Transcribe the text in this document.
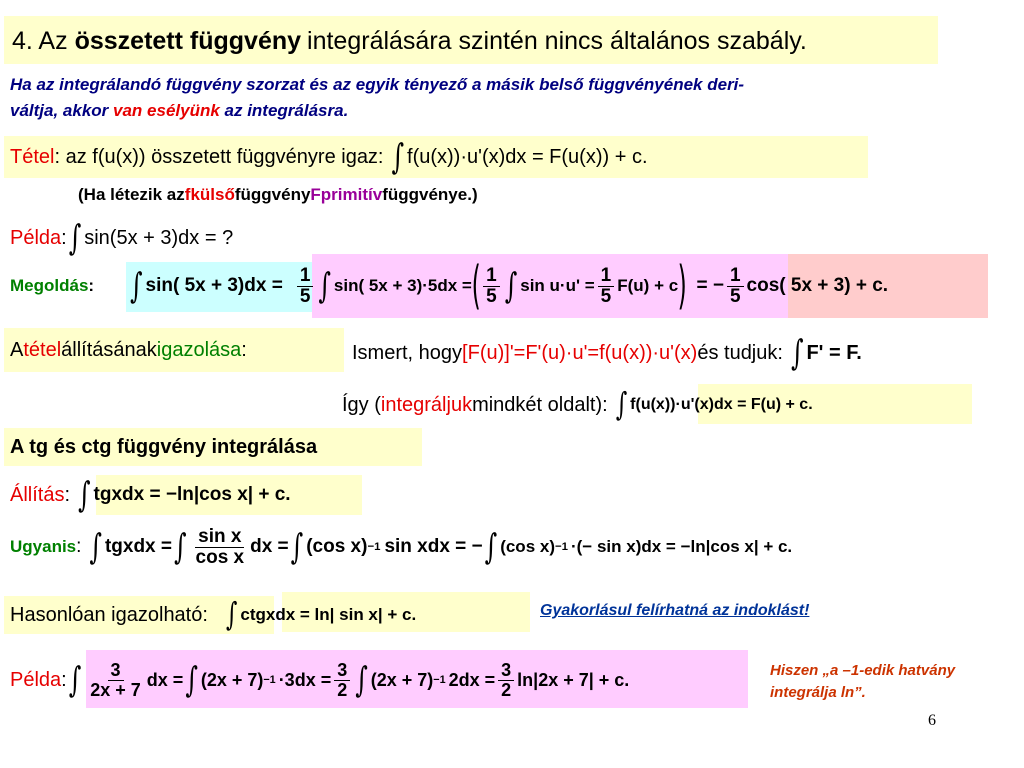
4. Az összetett függvény integrálására szintén nincs általános szabály.
Ha az integrálandó függvény szorzat és az egyik tényező a másik belső függvényének deri-
váltja, akkor van esélyünk az integrálásra.
Tétel : az f(u(x)) összetett függvényre igaz: ∫ f(u(x))·u'(x)dx = F(u(x)) + c.
(Ha létezik az f külső függvény F primitív függvénye.)
Példa : ∫ sin(5x + 3)dx = ?
Megoldás : ∫ sin( $5x + 3)dx = \frac{1}{5}$ ∫ sin( 5x + 3)·5dx = ( $\frac{1}{5}$ ∫ $\sin u\cdot u' = \frac{1}{5} F(u) + c$ ) = − $\frac{1}{5} \cos$( 5x + 3) + c.
A tétel állításának igazolása :	Ismert, hogy [F(u)]'=F'(u)·u'=f(u(x))·u'(x) és tudjuk: ∫ F' = F.
Így ( integráljuk mindkét oldalt): ∫ f(u(x))·u'(x)dx = F(u) + c.
A tg és ctg függvény integrálása
Állítás : ∫ tgxdx = −ln|cos x| + c.
Ugyanis : ∫ tgxdx = ∫ $\frac{\text{sin x}}{\text{cos x}}$ dx = ∫ (cos x) −1 sin xdx = − ∫ (cos x) −1 ·(− sin x)dx = −ln|cos x| + c.
Hasonlóan igazolható: ∫ ctgxdx = ln| sin x| + c.	Gyakorlásul felírhatná az indoklást!
Példa : ∫ $\frac{3}{2x + 7}$ dx = ∫ $(2x + 7) -1 \cdot 3dx = \frac{3}{2}$ ∫ (2x + 7) −1 $2dx = \frac{3}{2} \ln|2x + 7| + c$.	Hiszen „a –1-edik hatvány
integrálja ln”.
6
